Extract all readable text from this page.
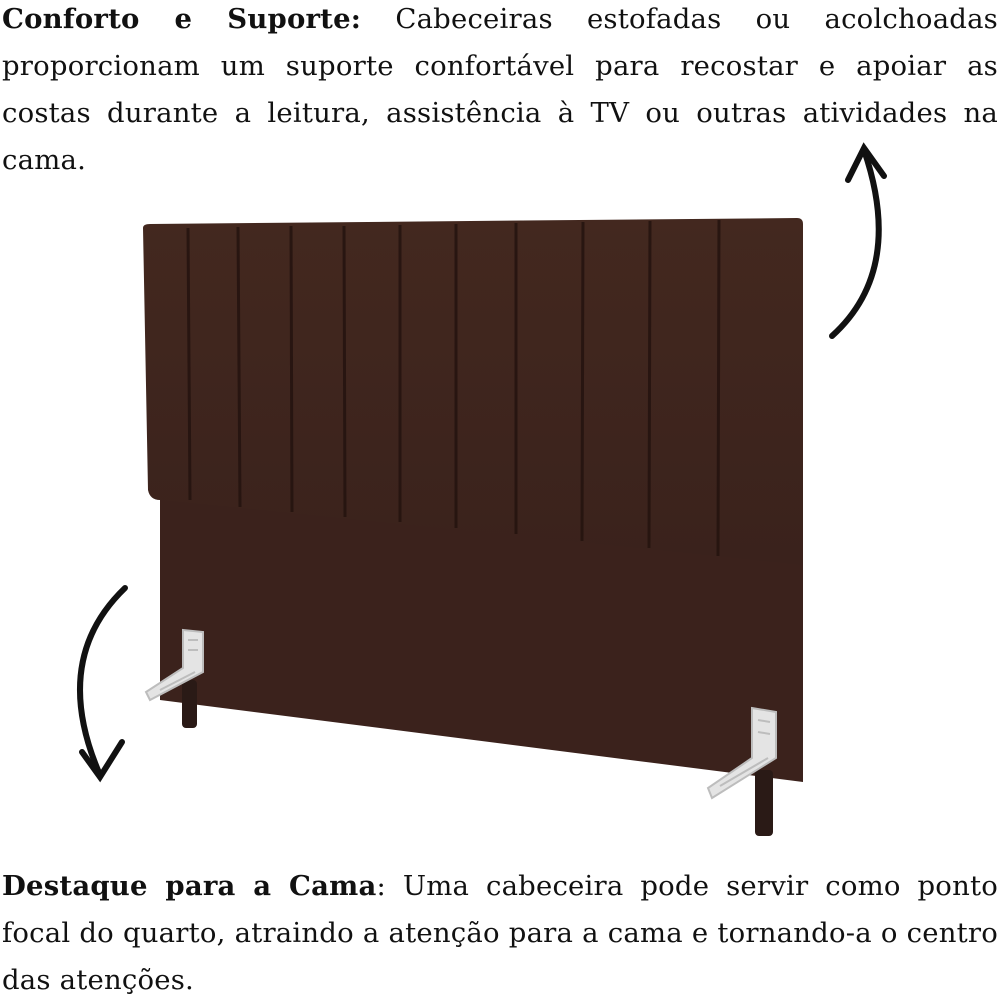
Conforto e Suporte: Cabeceiras estofadas ou acolchoadas proporcionam um suporte confortável para recostar e apoiar as costas durante a leitura, assistência à TV ou outras atividades na cama.
Destaque para a Cama: Uma cabeceira pode servir como ponto focal do quarto, atraindo a atenção para a cama e tornando-a o centro das atenções.
